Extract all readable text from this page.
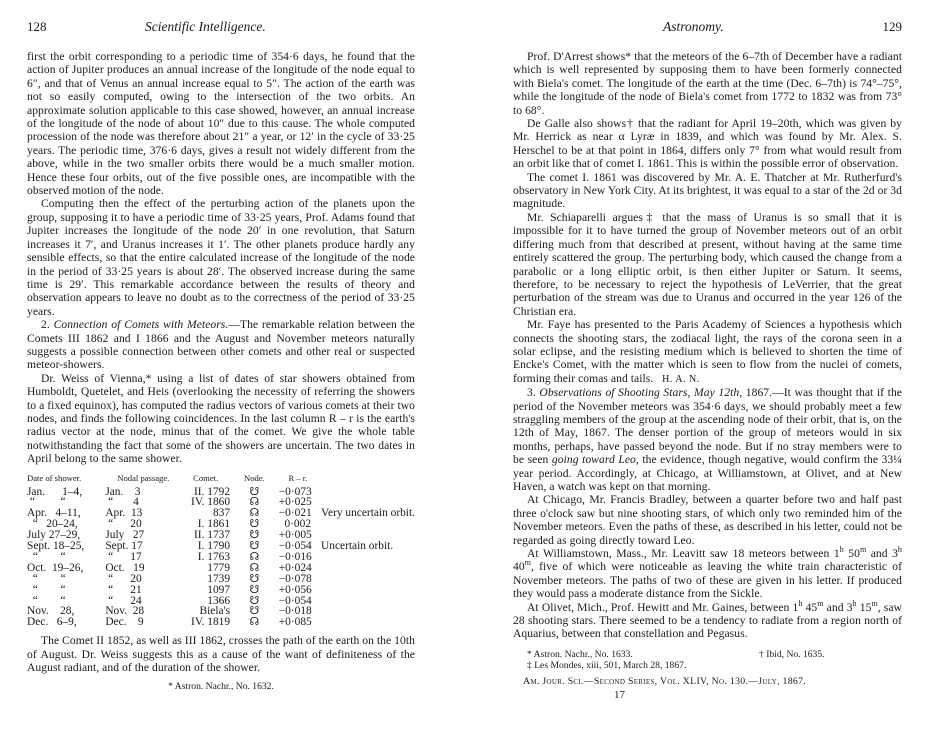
128	Scientific Intelligence.

first the orbit corresponding to a periodic time of 354·6 days, he found that the action of Jupiter produces an annual increase of the longitude of the node equal to 6″, and that of Venus an annual increase equal to 5″. The action of the earth was not so easily computed, owing to the intersection of the two orbits. An approximate solution applicable to this case showed, however, an annual increase of the longitude of the node of about 10″ due to this cause. The whole computed procession of the node was therefore about 21″ a year, or 12′ in the cycle of 33·25 years. The periodic time, 376·6 days, gives a result not widely different from the above, while in the two smaller orbits there would be a much smaller motion. Hence these four orbits, out of the five possible ones, are incompatible with the observed motion of the node.

Computing then the effect of the perturbing action of the planets upon the group, supposing it to have a periodic time of 33·25 years, Prof. Adams found that Jupiter increases the longitude of the node 20′ in one revolution, that Saturn increases it 7′, and Uranus increases it 1′. The other planets produce hardly any sensible effects, so that the entire calculated increase of the longitude of the node in the period of 33·25 years is about 28′. The observed increase during the same time is 29′. This remarkable accordance between the results of theory and observation appears to leave no doubt as to the correctness of the period of 33·25 years.

2. Connection of Comets with Meteors.—The remarkable relation between the Comets III 1862 and I 1866 and the August and November meteors naturally suggests a possible connection between other comets and other real or suspected meteor-showers.

Dr. Weiss of Vienna,* using a list of dates of star showers obtained from Humboldt, Quetelet, and Heis (overlooking the necessity of referring the showers to a fixed equinox), has computed the radius vectors of various comets at their two nodes, and finds the following coincidences. In the last column R – r is the earth's radius vector at the node, minus that of the comet. We give the whole table notwithstanding the fact that some of the showers are uncertain. The two dates in April belong to the same shower.

Date of shower.	Nodal passage.	Comet.	Node.	R – r.	
Jan.      1–4,	Jan.    3	II. 1792	☋	−0·073	
“         “	“       4	IV. 1860	☊	+0·025	
Apr.   4–11,	Apr.  13	837	☊	−0·021	Very uncertain orbit.
“   20–24,	“      20	I. 1861	☋	0·002	
July 27–29,	July   27	II. 1737	☋	+0·005	
Sept. 18–25,	Sept. 17	I. 1790	☋	−0·054	Uncertain orbit.
“        “	“      17	I. 1763	☊	−0·016	
Oct.  19–26,	Oct.   19	1779	☊	+0·024	
“        “	“      20	1739	☋	−0·078	
“        “	“      21	1097	☋	+0·056	
“        “	“      24	1366	☋	−0·054	
Nov.    28,	Nov.  28	Biela's	☋	−0·018	
Dec.   6–9,	Dec.    9	IV. 1819	☊	+0·085	

The Comet II 1852, as well as III 1862, crosses the path of the earth on the 10th of August. Dr. Weiss suggests this as a cause of the want of definiteness of the August radiant, and of the duration of the shower.

* Astron. Nachr., No. 1632.
Astronomy.	129

Prof. D'Arrest shows* that the meteors of the 6–7th of December have a radiant which is well represented by supposing them to have been formerly connected with Biela's comet. The longitude of the earth at the time (Dec. 6–7th) is 74°–75°, while the longitude of the node of Biela's comet from 1772 to 1832 was from 73° to 68°.

De Galle also shows† that the radiant for April 19–20th, which was given by Mr. Herrick as near α Lyræ in 1839, and which was found by Mr. Alex. S. Herschel to be at that point in 1864, differs only 7° from what would result from an orbit like that of comet I. 1861. This is within the possible error of observation.

The comet I. 1861 was discovered by Mr. A. E. Thatcher at Mr. Rutherfurd's observatory in New York City. At its brightest, it was equal to a star of the 2d or 3d magnitude.

Mr. Schiaparelli argues‡ that the mass of Uranus is so small that it is impossible for it to have turned the group of November meteors out of an orbit differing much from that described at present, without having at the same time entirely scattered the group. The perturbing body, which caused the change from a parabolic or a long elliptic orbit, is then either Jupiter or Saturn. It seems, therefore, to be necessary to reject the hypothesis of LeVerrier, that the great perturbation of the stream was due to Uranus and occurred in the year 126 of the Christian era.

Mr. Faye has presented to the Paris Academy of Sciences a hypothesis which connects the shooting stars, the zodiacal light, the rays of the corona seen in a solar eclipse, and the resisting medium which is believed to shorten the time of Encke's Comet, with the matter which is seen to flow from the nuclei of comets, forming their comas and tails. H. A. N.

3. Observations of Shooting Stars, May 12th, 1867.—It was thought that if the period of the November meteors was 354·6 days, we should probably meet a few straggling members of the group at the ascending node of their orbit, that is, on the 12th of May, 1867. The denser portion of the group of meteors would in six months, perhaps, have passed beyond the node. But if no stray members were to be seen going toward Leo, the evidence, though negative, would confirm the 33¼ year period. Accordingly, at Chicago, at Williamstown, at Olivet, and at New Haven, a watch was kept on that morning.

At Chicago, Mr. Francis Bradley, between a quarter before two and half past three o'clock saw but nine shooting stars, of which only two reminded him of the November meteors. Even the paths of these, as described in his letter, could not be regarded as going directly toward Leo.

At Williamstown, Mass., Mr. Leavitt saw 18 meteors between 1$^h$ 50$^m$ and 3$^h$ 40$^m$, five of which were noticeable as leaving the white train characteristic of November meteors. The paths of two of these are given in his letter. If produced they would pass a moderate distance from the Sickle.

At Olivet, Mich., Prof. Hewitt and Mr. Gaines, between 1$^h$ 45$^m$ and 3$^h$ 15$^m$, saw 28 shooting stars. There seemed to be a tendency to radiate from a region north of Aquarius, between that constellation and Pegasus.

* Astron. Nachr., No. 1633.	† Ibid, No. 1635.
‡ Les Mondes, xiii, 501, March 28, 1867.
Am. Jour. Sci.—Second Series, Vol. XLIV, No. 130.—July, 1867.
17
